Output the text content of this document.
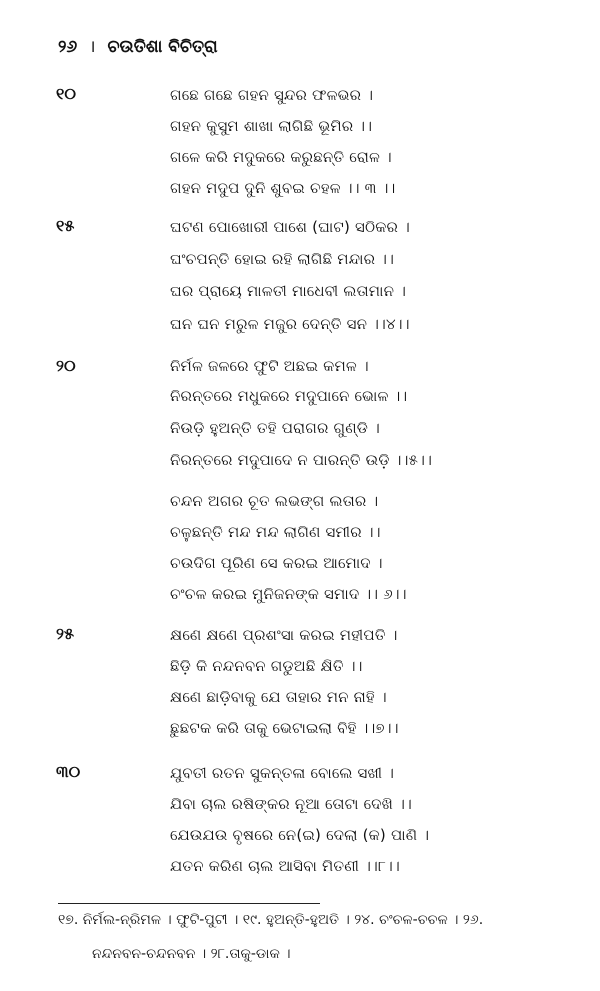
୨୬ । ଚଉତିଶା ବିଚିତ୍ରା
୧୦
୧୫
୨୦
୨୫
୩୦
ଗଛେ ଗଛେ ଗହନ ସୁନ୍ଦର ଫଳଭର ।
ଗହନ କୁସୁମ ଶାଖା ଲାଗିଛି ଭୂମିର ।।
ଗଳେ କରି ମଦୁକରେ କରୁଛନ୍ତି ରୋଳ ।
ଗହନ ମଦୁପ ଦୁନି ଶୁବଇ ଚହଳ ।। ୩ ।।
ଘଟଣ ପୋଖୋରୀ ପାଶେ (ଘାଟ) ସଠିକର ।
ଘଂଚପନ୍ତି ହୋଇ ରହି ଲାଗିଛି ମନ୍ଦାର ।।
ଘର ପ୍ରାୟେ ମାଳତୀ ମାଧେବୀ ଲତାମାନ ।
ଘନ ଘନ ମରୁଳ ମଜୁର ଦେନ୍ତି ସନ ।।୪।।
ନିର୍ମଳ ଜଳରେ ଫୁଟି ଅଛଇ କମଳ ।
ନିରନ୍ତରେ ମଧୁକରେ ମଦୁପାନେ ଭୋଳ ।।
ନିଉଡ଼ି ହୁଅନ୍ତି ତହି ପରାଗର ଗୁଣ୍ଡି ।
ନିରନ୍ତରେ ମଦୁପାଦେ ନ ପାରନ୍ତି ଉଡ଼ି ।।୫।।
ଚନ୍ଦନ ଅଗର ଚୂତ ଲଭଙ୍ଗ ଲତାର ।
ଚଳୁଛନ୍ତି ମନ୍ଦ ମନ୍ଦ ଲାଗିଣ ସମୀର ।।
ଚଉଦିଗ ପୂରିଣ ସେ କରଇ ଆମୋଦ ।
ଚଂଚଳ କରଇ ମୁନିଜନଙ୍କ ସମାଦ ।। ୬।।
କ୍ଷଣେ କ୍ଷଣେ ପ୍ରଶଂସା କରଇ ମହୀପତି ।
ଛିଡ଼ି କି ନନ୍ଦନବନ ଗଡୁଅଛି କ୍ଷିତି ।।
କ୍ଷଣେ ଛାଡ଼ିବାକୁ ଯେ ତାହାର ମନ ନାହି ।
ଛୁଛଟକ କରି ତାକୁ ଭେଟାଇଲା ବିହି ।।୭।।
ଯୁବତୀ ରତନ ସୁକନ୍ତଳା ବୋଲେ ସଖୀ ।
ଯିବା ଚାଲ ରଷିଙ୍କର ନୂଆ ତୋଟା ଦେଖି ।।
ଯେଉଯଉ ବୃଷରେ ନେ(ଇ) ଦେଲା (କ) ପାଣି ।
ଯତନ କରିଣ ଚାଲ ଆସିବା ମିତଣୀ ।।୮।।
୧୭. ନିର୍ମଲ-ନ୍ରିମଳ । ଫୁଟି-ପୁଟୀ । ୧୯. ହୁଅନ୍ତି-ହୁଅତି । ୨୪. ଚଂଚଳ-ଚଚଳ । ୨୬.
ନନ୍ଦନବନ-ଚନ୍ଦନବନ । ୨୮.ତାକୁ-ଡାକ ।
